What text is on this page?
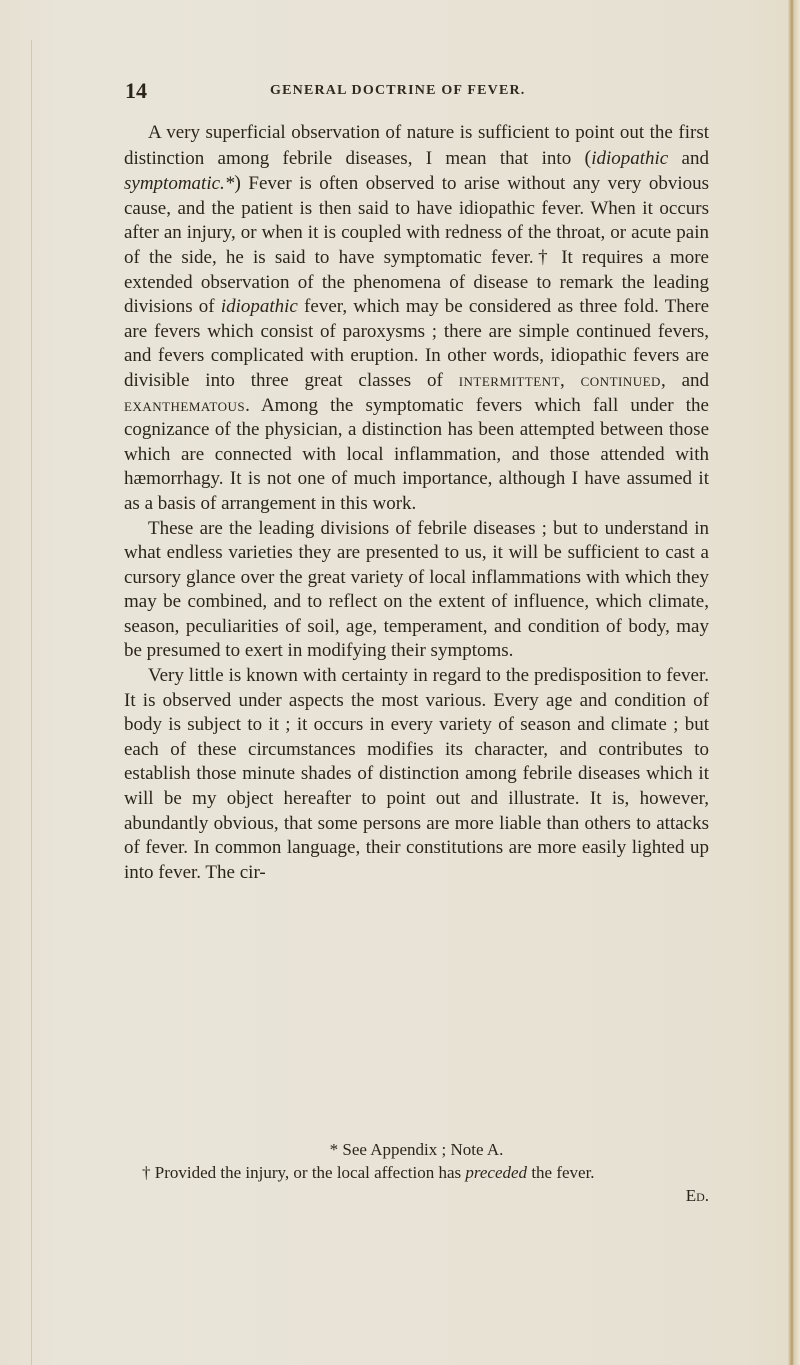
14	GENERAL DOCTRINE OF FEVER.

A very superficial observation of nature is sufficient to point out the first distinction among febrile diseases, I mean that into (idiopathic and symptomatic.*) Fever is often observed to arise without any very obvious cause, and the patient is then said to have idiopathic fever. When it occurs after an injury, or when it is coupled with redness of the throat, or acute pain of the side, he is said to have symptomatic fever.† It requires a more extended observation of the phenomena of disease to remark the leading divisions of idiopathic fever, which may be considered as three fold. There are fevers which consist of paroxysms ; there are simple continued fevers, and fevers complicated with eruption. In other words, idiopathic fevers are divisible into three great classes of intermittent, continued, and exanthematous. Among the symptomatic fevers which fall under the cognizance of the physician, a distinction has been attempted between those which are connected with local inflammation, and those attended with hæmorrhagy. It is not one of much importance, although I have assumed it as a basis of arrangement in this work.

These are the leading divisions of febrile diseases ; but to understand in what endless varieties they are presented to us, it will be sufficient to cast a cursory glance over the great variety of local inflammations with which they may be combined, and to reflect on the extent of influence, which climate, season, peculiarities of soil, age, temperament, and condition of body, may be presumed to exert in modifying their symptoms.

Very little is known with certainty in regard to the predisposition to fever. It is observed under aspects the most various. Every age and condition of body is subject to it ; it occurs in every variety of season and climate ; but each of these circumstances modifies its character, and contributes to establish those minute shades of distinction among febrile diseases which it will be my object hereafter to point out and illustrate. It is, however, abundantly obvious, that some persons are more liable than others to attacks of fever. In common language, their constitutions are more easily lighted up into fever. The cir-

* See Appendix ; Note A.
† Provided the injury, or the local affection has preceded the fever.
Ed.
